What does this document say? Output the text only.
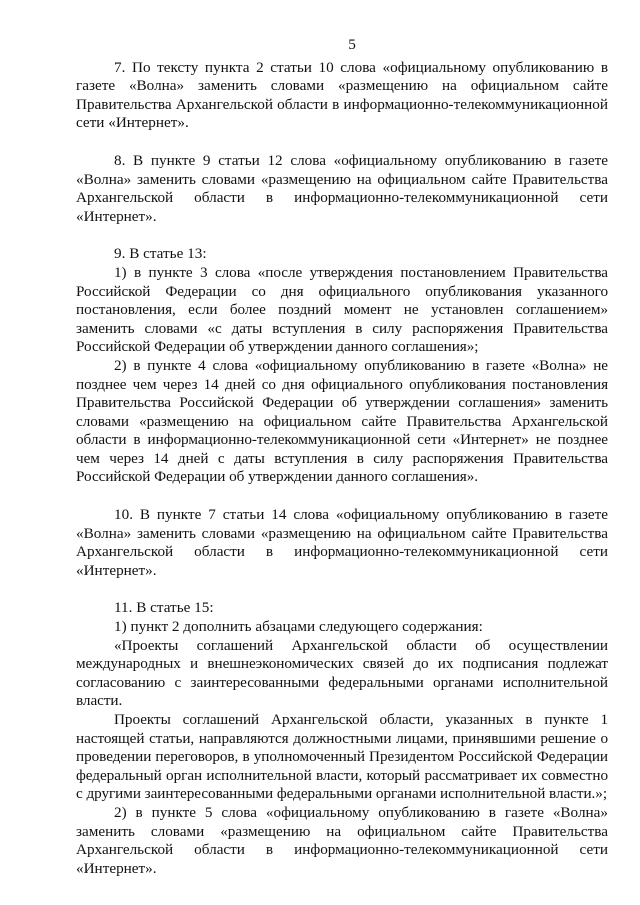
5

7. По тексту пункта 2 статьи 10 слова «официальному опубликованию в газете «Волна» заменить словами «размещению на официальном сайте Правительства Архангельской области в информационно-телекоммуникационной сети «Интернет».

8. В пункте 9 статьи 12 слова «официальному опубликованию в газете «Волна» заменить словами «размещению на официальном сайте Правительства Архангельской области в информационно-телекоммуникационной сети «Интернет».

9. В статье 13:

1) в пункте 3 слова «после утверждения постановлением Правительства Российской Федерации со дня официального опубликования указанного постановления, если более поздний момент не установлен соглашением» заменить словами «с даты вступления в силу распоряжения Правительства Российской Федерации об утверждении данного соглашения»;

2) в пункте 4 слова «официальному опубликованию в газете «Волна» не позднее чем через 14 дней со дня официального опубликования постановления Правительства Российской Федерации об утверждении соглашения» заменить словами «размещению на официальном сайте Правительства Архангельской области в информационно-телекоммуникационной сети «Интернет» не позднее чем через 14 дней с даты вступления в силу распоряжения Правительства Российской Федерации об утверждении данного соглашения».

10. В пункте 7 статьи 14 слова «официальному опубликованию в газете «Волна» заменить словами «размещению на официальном сайте Правительства Архангельской области в информационно-телекоммуникационной сети «Интернет».

11. В статье 15:

1) пункт 2 дополнить абзацами следующего содержания:

«Проекты соглашений Архангельской области об осуществлении международных и внешнеэкономических связей до их подписания подлежат согласованию с заинтересованными федеральными органами исполнительной власти.

Проекты соглашений Архангельской области, указанных в пункте 1 настоящей статьи, направляются должностными лицами, принявшими решение о проведении переговоров, в уполномоченный Президентом Российской Федерации федеральный орган исполнительной власти, который рассматривает их совместно с другими заинтересованными федеральными органами исполнительной власти.»;

2) в пункте 5 слова «официальному опубликованию в газете «Волна» заменить словами «размещению на официальном сайте Правительства Архангельской области в информационно-телекоммуникационной сети «Интернет».
